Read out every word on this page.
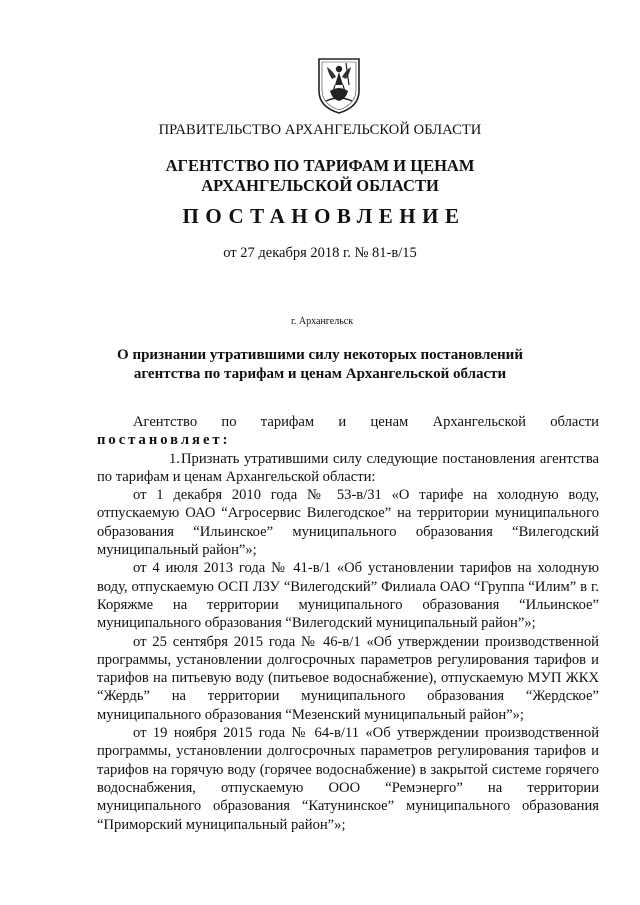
ПРАВИТЕЛЬСТВО АРХАНГЕЛЬСКОЙ ОБЛАСТИ
АГЕНТСТВО ПО ТАРИФАМ И ЦЕНАМ
АРХАНГЕЛЬСКОЙ ОБЛАСТИ
ПОСТАНОВЛЕНИЕ
от 27 декабря 2018 г. № 81-в/15
г. Архангельск
О признании утратившими силу некоторых постановлений
агентства по тарифам и ценам Архангельской области

Агентство по тарифам и ценам Архангельской области

постановляет:

1.Признать утратившими силу следующие постановления агентства по тарифам и ценам Архангельской области:

от 1 декабря 2010 года № 53-в/31 «О тарифе на холодную воду, отпускаемую ОАО “Агросервис Вилегодское” на территории муниципального образования “Ильинское” муниципального образования “Вилегодский муниципальный район”»;

от 4 июля 2013 года № 41-в/1 «Об установлении тарифов на холодную воду, отпускаемую ОСП ЛЗУ “Вилегодский” Филиала ОАО “Группа “Илим” в г. Коряжме на территории муниципального образования “Ильинское” муниципального образования “Вилегодский муниципальный район”»;

от 25 сентября 2015 года № 46-в/1 «Об утверждении производственной программы, установлении долгосрочных параметров регулирования тарифов и тарифов на питьевую воду (питьевое водоснабжение), отпускаемую МУП ЖКХ “Жердь” на территории муниципального образования “Жердское” муниципального образования “Мезенский муниципальный район”»;

от 19 ноября 2015 года № 64-в/11 «Об утверждении производственной программы, установлении долгосрочных параметров регулирования тарифов и тарифов на горячую воду (горячее водоснабжение) в закрытой системе горячего водоснабжения, отпускаемую ООО “Ремэнерго” на территории муниципального образования “Катунинское” муниципального образования “Приморский муниципальный район”»;
